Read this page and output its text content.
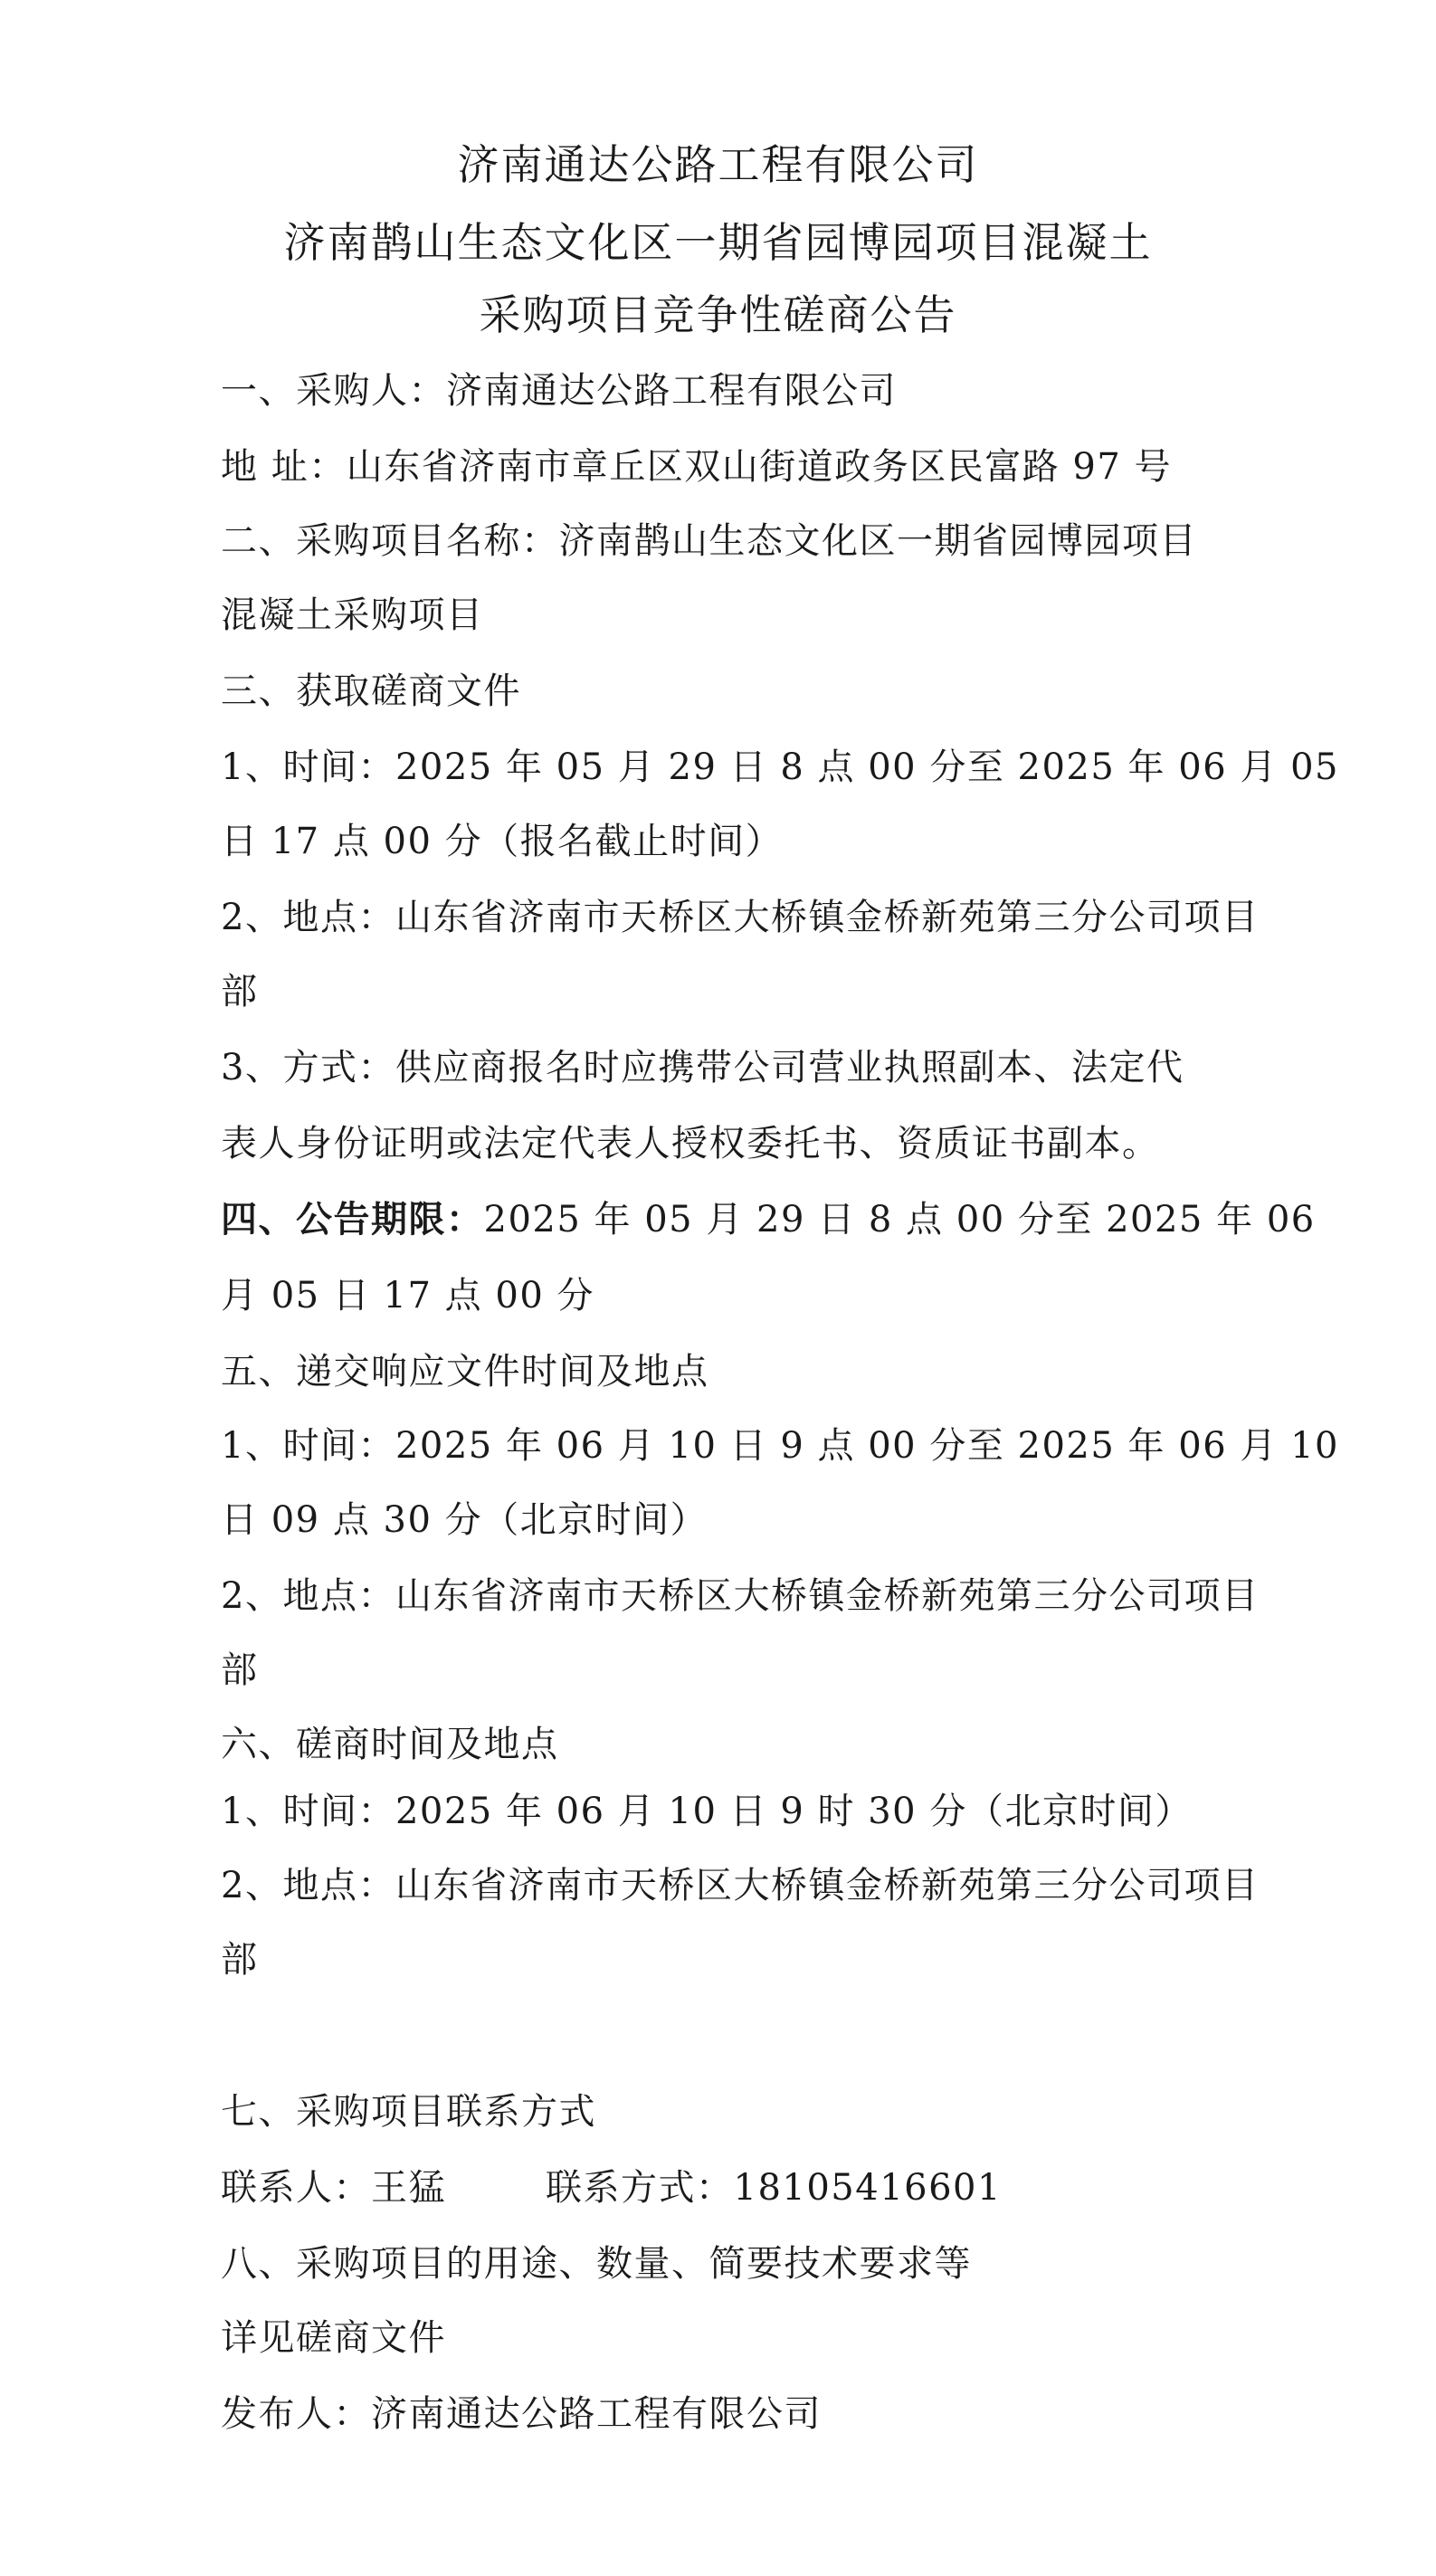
济南通达公路工程有限公司
济南鹊山生态文化区一期省园博园项目混凝土
采购项目竞争性磋商公告
一、采购人：济南通达公路工程有限公司
地 址：山东省济南市章丘区双山街道政务区民富路 97 号
二、采购项目名称：济南鹊山生态文化区一期省园博园项目
混凝土采购项目
三、获取磋商文件
1、时间：2025 年 05 月 29 日 8 点 00 分至 2025 年 06 月 05
日 17 点 00 分（报名截止时间）
2、地点：山东省济南市天桥区大桥镇金桥新苑第三分公司项目
部
3、方式：供应商报名时应携带公司营业执照副本、法定代
表人身份证明或法定代表人授权委托书、资质证书副本。
四、公告期限：2025 年 05 月 29 日 8 点 00 分至 2025 年 06
月 05 日 17 点 00 分
五、递交响应文件时间及地点
1、时间：2025 年 06 月 10 日 9 点 00 分至 2025 年 06 月 10
日 09 点 30 分（北京时间）
2、地点：山东省济南市天桥区大桥镇金桥新苑第三分公司项目
部
六、磋商时间及地点
1、时间：2025 年 06 月 10 日 9 时 30 分（北京时间）
2、地点：山东省济南市天桥区大桥镇金桥新苑第三分公司项目
部
七、采购项目联系方式
联系人：王猛	联系方式：18105416601
八、采购项目的用途、数量、简要技术要求等
详见磋商文件
发布人：济南通达公路工程有限公司
